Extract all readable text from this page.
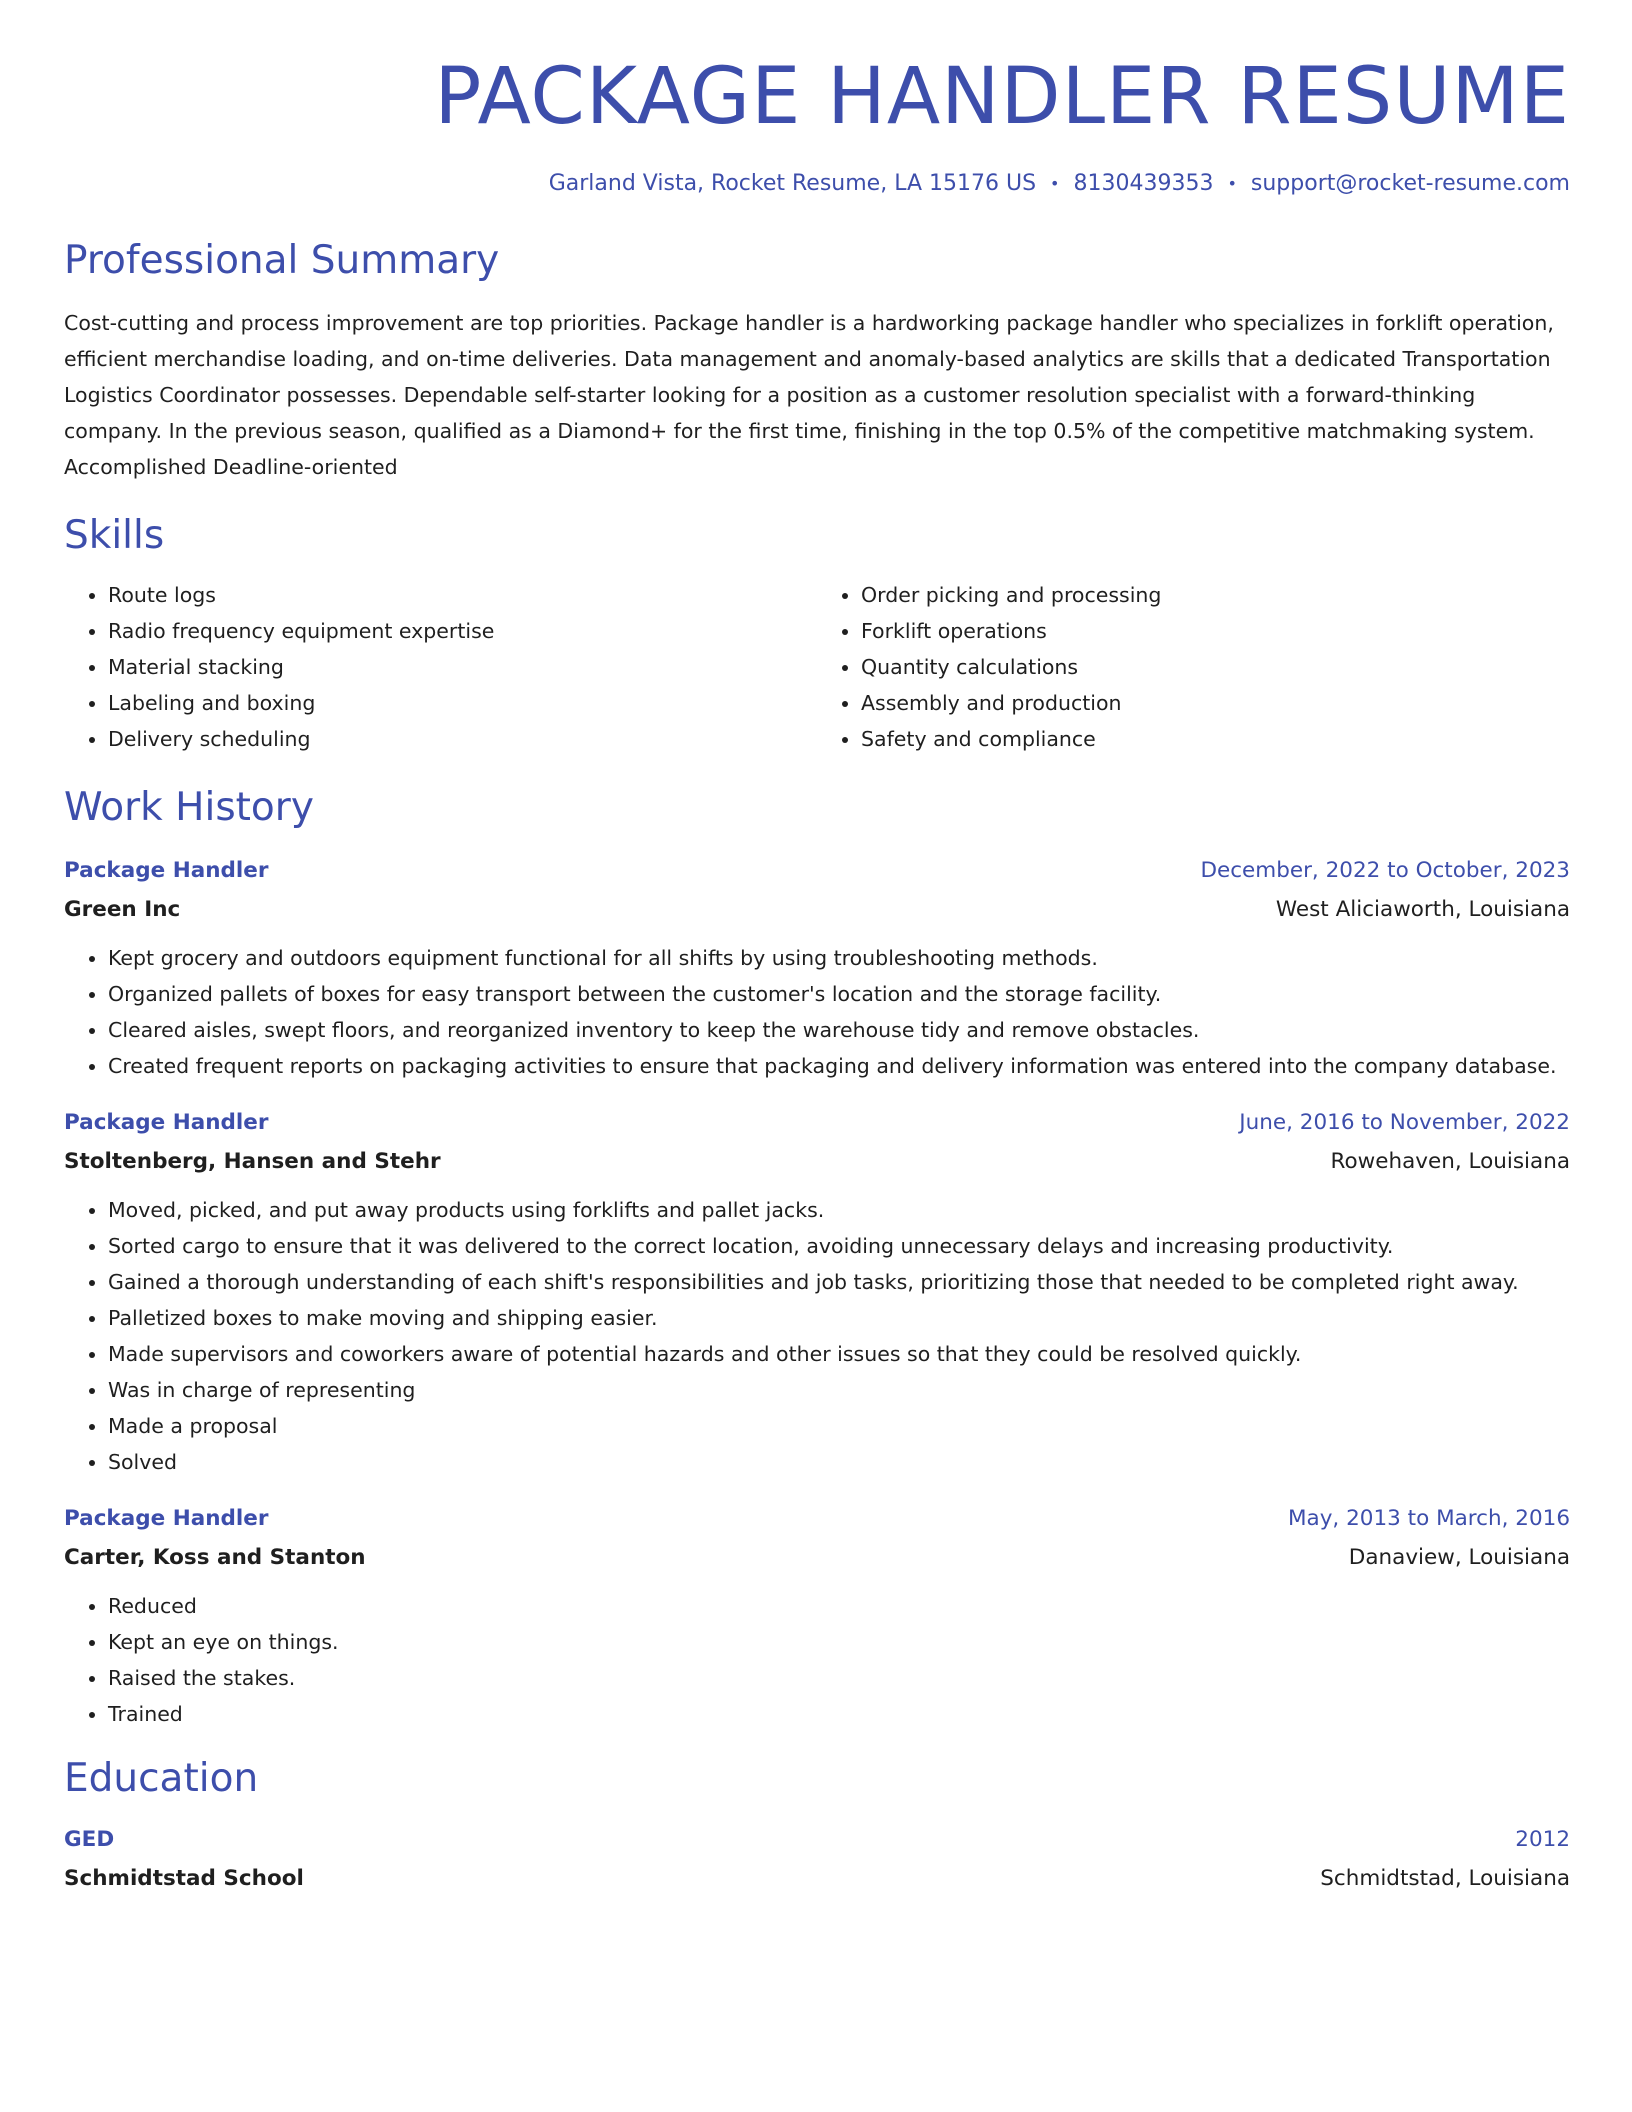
PACKAGE HANDLER RESUME
Garland Vista, Rocket Resume, LA 15176 US • 8130439353 • support@rocket-resume.com
Professional Summary
Cost-cutting and process improvement are top priorities. Package handler is a hardworking package handler who specializes in forklift operation, efficient merchandise loading, and on-time deliveries. Data management and anomaly-based analytics are skills that a dedicated Transportation Logistics Coordinator possesses. Dependable self-starter looking for a position as a customer resolution specialist with a forward-thinking company. In the previous season, qualified as a Diamond+ for the first time, finishing in the top 0.5% of the competitive matchmaking system. Accomplished Deadline-oriented
Skills
• Route logs
• Radio frequency equipment expertise
• Material stacking
• Labeling and boxing
• Delivery scheduling
• Order picking and processing
• Forklift operations
• Quantity calculations
• Assembly and production
• Safety and compliance
Work History
Package Handler	December, 2022 to October, 2023
Green Inc	West Aliciaworth, Louisiana
• Kept grocery and outdoors equipment functional for all shifts by using troubleshooting methods.
• Organized pallets of boxes for easy transport between the customer's location and the storage facility.
• Cleared aisles, swept floors, and reorganized inventory to keep the warehouse tidy and remove obstacles.
• Created frequent reports on packaging activities to ensure that packaging and delivery information was entered into the company database.
Package Handler	June, 2016 to November, 2022
Stoltenberg, Hansen and Stehr	Rowehaven, Louisiana
• Moved, picked, and put away products using forklifts and pallet jacks.
• Sorted cargo to ensure that it was delivered to the correct location, avoiding unnecessary delays and increasing productivity.
• Gained a thorough understanding of each shift's responsibilities and job tasks, prioritizing those that needed to be completed right away.
• Palletized boxes to make moving and shipping easier.
• Made supervisors and coworkers aware of potential hazards and other issues so that they could be resolved quickly.
• Was in charge of representing
• Made a proposal
• Solved
Package Handler	May, 2013 to March, 2016
Carter, Koss and Stanton	Danaview, Louisiana
• Reduced
• Kept an eye on things.
• Raised the stakes.
• Trained
Education
GED	2012
Schmidtstad School	Schmidtstad, Louisiana
